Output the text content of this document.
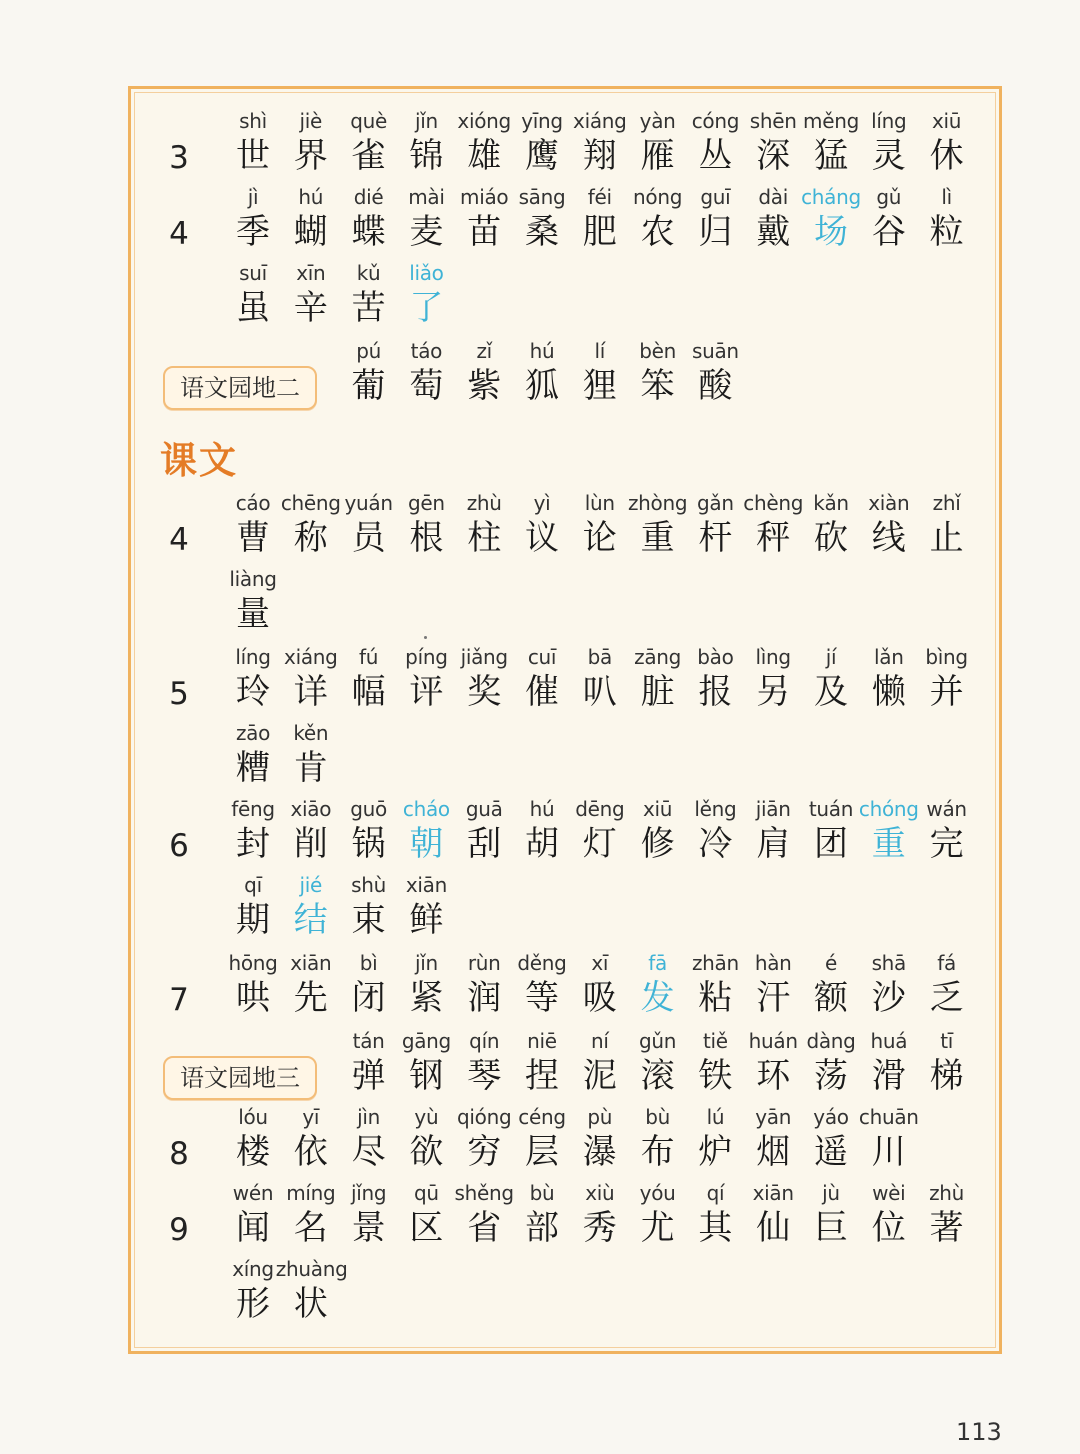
课文
3
shì
世
jiè
界
què
雀
jǐn
锦
xióng
雄
yīng
鹰
xiáng
翔
yàn
雁
cóng
丛
shēn
深
měng
猛
líng
灵
xiū
休
4
jì
季
hú
蝴
dié
蝶
mài
麦
miáo
苗
sāng
桑
féi
肥
nóng
农
guī
归
dài
戴
cháng
场
gǔ
谷
lì
粒
suī
虽
xīn
辛
kǔ
苦
liǎo
了
语文园地二
pú
葡
táo
萄
zǐ
紫
hú
狐
lí
狸
bèn
笨
suān
酸
4
cáo
曹
chēng
称
yuán
员
gēn
根
zhù
柱
yì
议
lùn
论
zhòng
重
gǎn
杆
chèng
秤
kǎn
砍
xiàn
线
zhǐ
止
liàng
量
5
líng
玲
xiáng
详
fú
幅
píng
评
jiǎng
奖
cuī
催
bā
叭
zāng
脏
bào
报
lìng
另
jí
及
lǎn
懒
bìng
并
zāo
糟
kěn
肯
6
fēng
封
xiāo
削
guō
锅
cháo
朝
guā
刮
hú
胡
dēng
灯
xiū
修
lěng
冷
jiān
肩
tuán
团
chóng
重
wán
完
qī
期
jié
结
shù
束
xiān
鲜
7
hōng
哄
xiān
先
bì
闭
jǐn
紧
rùn
润
děng
等
xī
吸
fā
发
zhān
粘
hàn
汗
é
额
shā
沙
fá
乏
语文园地三
tán
弹
gāng
钢
qín
琴
niē
捏
ní
泥
gǔn
滚
tiě
铁
huán
环
dàng
荡
huá
滑
tī
梯
8
lóu
楼
yī
依
jìn
尽
yù
欲
qióng
穷
céng
层
pù
瀑
bù
布
lú
炉
yān
烟
yáo
遥
chuān
川
9
wén
闻
míng
名
jǐng
景
qū
区
shěng
省
bù
部
xiù
秀
yóu
尤
qí
其
xiān
仙
jù
巨
wèi
位
zhù
著
xíng
形
zhuàng
状
113
